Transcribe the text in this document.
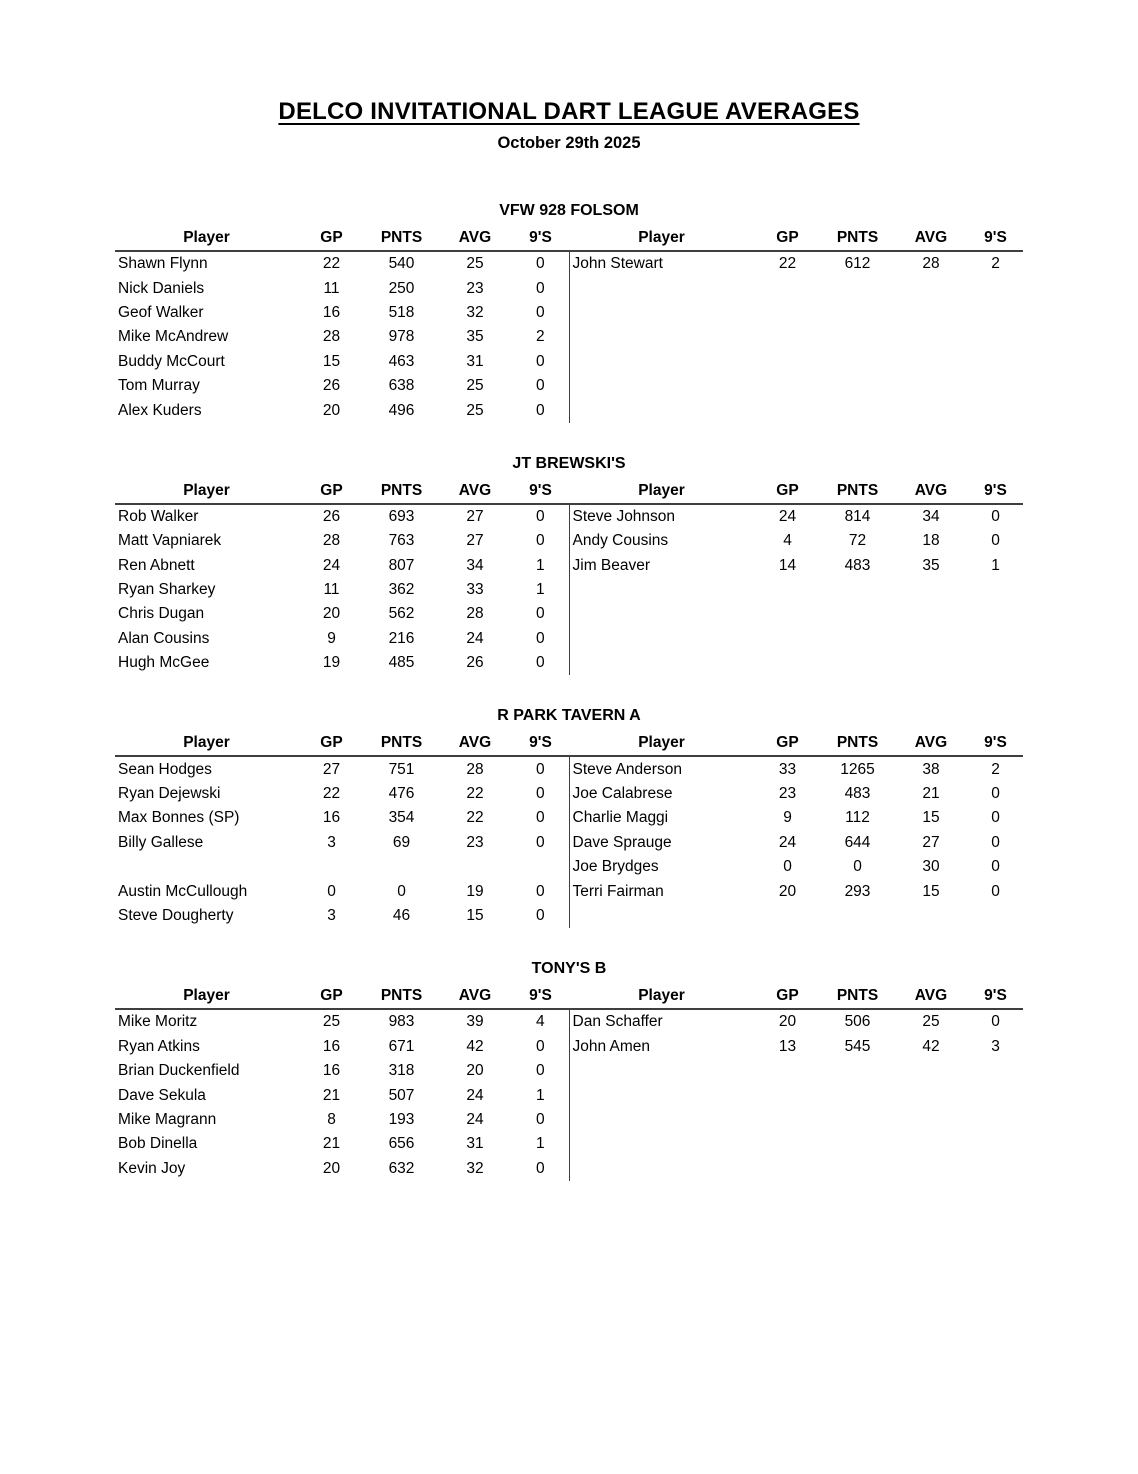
DELCO INVITATIONAL DART LEAGUE AVERAGES
October 29th 2025
VFW 928 FOLSOM
Player	GP	PNTS	AVG	9'S	Player	GP	PNTS	AVG	9'S
Shawn Flynn	22	540	25	0	John Stewart	22	612	28	2
Nick Daniels	11	250	23	0					
Geof Walker	16	518	32	0					
Mike McAndrew	28	978	35	2					
Buddy McCourt	15	463	31	0					
Tom Murray	26	638	25	0					
Alex Kuders	20	496	25	0					
JT BREWSKI'S
Player	GP	PNTS	AVG	9'S	Player	GP	PNTS	AVG	9'S
Rob Walker	26	693	27	0	Steve Johnson	24	814	34	0
Matt Vapniarek	28	763	27	0	Andy Cousins	4	72	18	0
Ren Abnett	24	807	34	1	Jim Beaver	14	483	35	1
Ryan Sharkey	11	362	33	1					
Chris Dugan	20	562	28	0					
Alan Cousins	9	216	24	0					
Hugh McGee	19	485	26	0					
R PARK TAVERN A
Player	GP	PNTS	AVG	9'S	Player	GP	PNTS	AVG	9'S
Sean Hodges	27	751	28	0	Steve Anderson	33	1265	38	2
Ryan Dejewski	22	476	22	0	Joe Calabrese	23	483	21	0
Max Bonnes (SP)	16	354	22	0	Charlie Maggi	9	112	15	0
Billy Gallese	3	69	23	0	Dave Sprauge	24	644	27	0
					Joe Brydges	0	0	30	0
Austin McCullough	0	0	19	0	Terri Fairman	20	293	15	0
Steve Dougherty	3	46	15	0					
TONY'S B
Player	GP	PNTS	AVG	9'S	Player	GP	PNTS	AVG	9'S
Mike Moritz	25	983	39	4	Dan Schaffer	20	506	25	0
Ryan Atkins	16	671	42	0	John Amen	13	545	42	3
Brian Duckenfield	16	318	20	0					
Dave Sekula	21	507	24	1					
Mike Magrann	8	193	24	0					
Bob Dinella	21	656	31	1					
Kevin Joy	20	632	32	0					
